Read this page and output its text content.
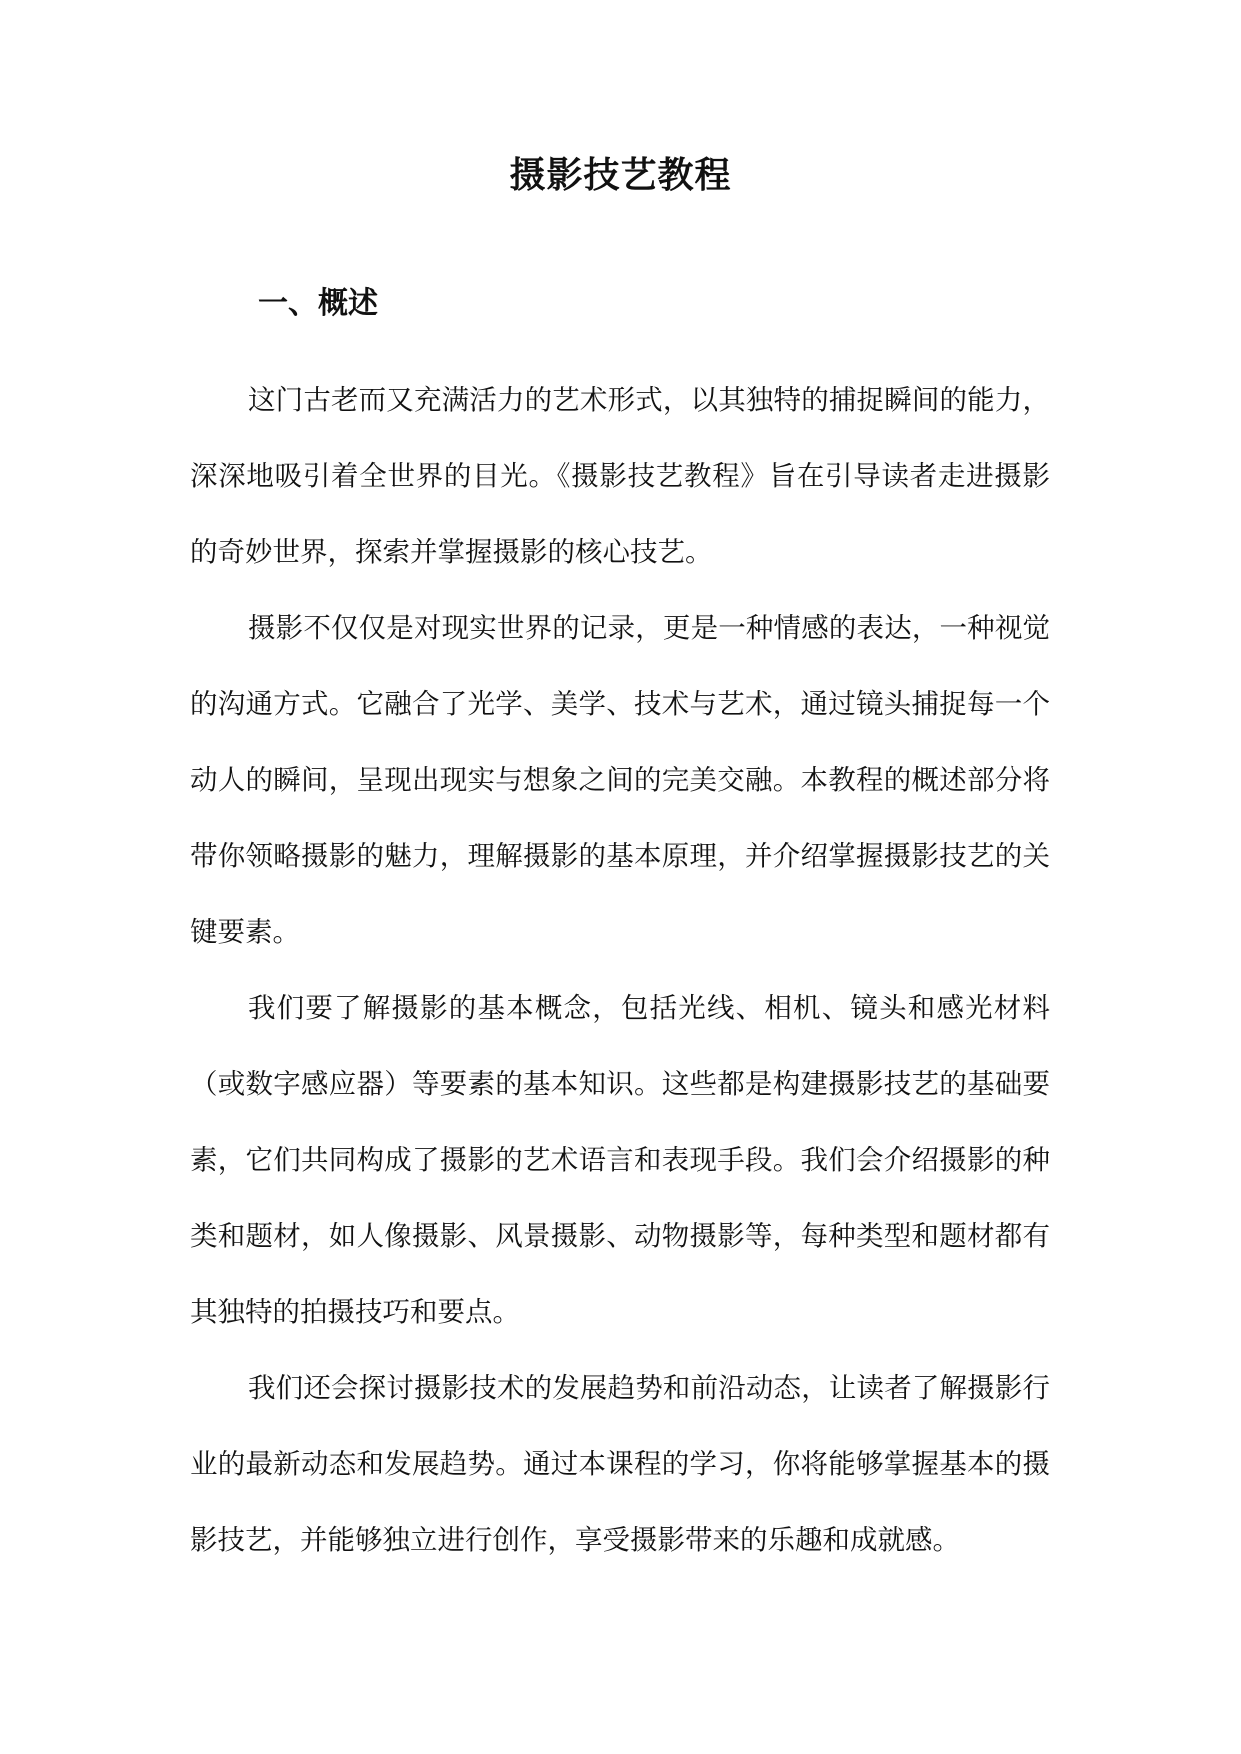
摄影技艺教程
一、概述

这门古老而又充满活力的艺术形式，以其独特的捕捉瞬间的能力，深深地吸引着全世界的目光。《摄影技艺教程》旨在引导读者走进摄影的奇妙世界，探索并掌握摄影的核心技艺。

摄影不仅仅是对现实世界的记录，更是一种情感的表达，一种视觉的沟通方式。它融合了光学、美学、技术与艺术，通过镜头捕捉每一个动人的瞬间，呈现出现实与想象之间的完美交融。本教程的概述部分将带你领略摄影的魅力，理解摄影的基本原理，并介绍掌握摄影技艺的关键要素。

我们要了解摄影的基本概念，包括光线、相机、镜头和感光材料（或数字感应器）等要素的基本知识。这些都是构建摄影技艺的基础要素，它们共同构成了摄影的艺术语言和表现手段。我们会介绍摄影的种类和题材，如人像摄影、风景摄影、动物摄影等，每种类型和题材都有其独特的拍摄技巧和要点。

我们还会探讨摄影技术的发展趋势和前沿动态，让读者了解摄影行业的最新动态和发展趋势。通过本课程的学习，你将能够掌握基本的摄影技艺，并能够独立进行创作，享受摄影带来的乐趣和成就感。
